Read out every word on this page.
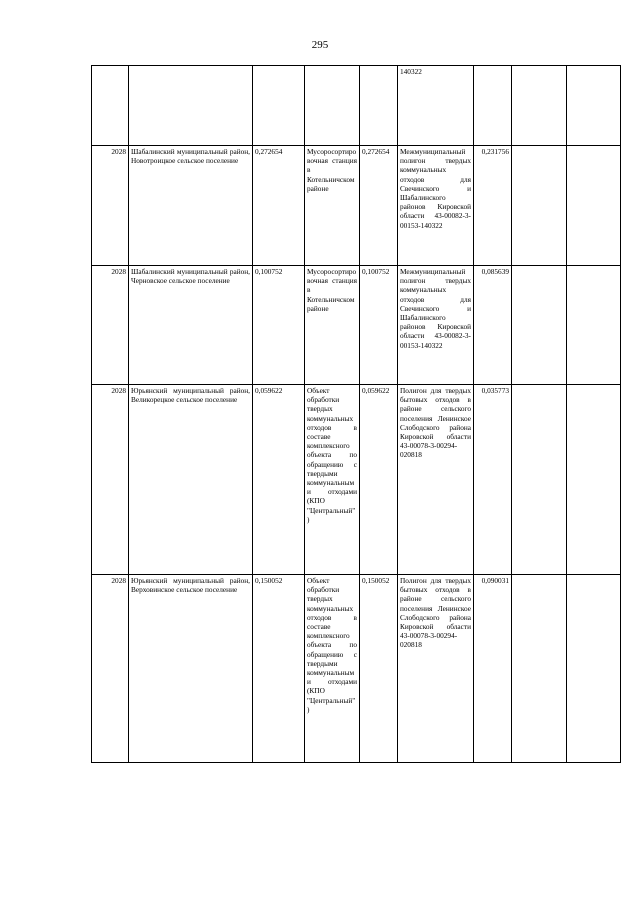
295
					140322			
2028	Шабалинский муниципальный район, Новотроицкое сельское поселение	0,272654	Мусоросортировочная станция в Котельничском районе	0,272654	Межмуниципальный полигон твердых коммунальных отходов для Свечинского и Шабалинского районов Кировской области 43-00082-3-00153-140322	0,231756		

2028	Шабалинский муниципальный район, Черновское сельское поселение	0,100752	Мусоросортировочная станция в Котельничском районе	0,100752	Межмуниципальный полигон твердых коммунальных отходов для Свечинского и Шабалинского районов Кировской области 43-00082-3-00153-140322	0,085639		

2028	Юрьянский муниципальный район, Великорецкое сельское поселение	0,059622	Объект обработки твердых коммунальных отходов в составе комплексного объекта по обращению с твердыми коммунальными отходами (КПО "Центральный")	0,059622	Полигон для твердых бытовых отходов в районе сельского поселения Ленинское Слободского района Кировской области 43-00078-3-00294-020818	0,035773		

2028	Юрьянский муниципальный район, Верховинское сельское поселение	0,150052	Объект обработки твердых коммунальных отходов в составе комплексного объекта по обращению с твердыми коммунальными отходами (КПО "Центральный")	0,150052	Полигон для твердых бытовых отходов в районе сельского поселения Ленинское Слободского района Кировской области 43-00078-3-00294-020818	0,090031		
